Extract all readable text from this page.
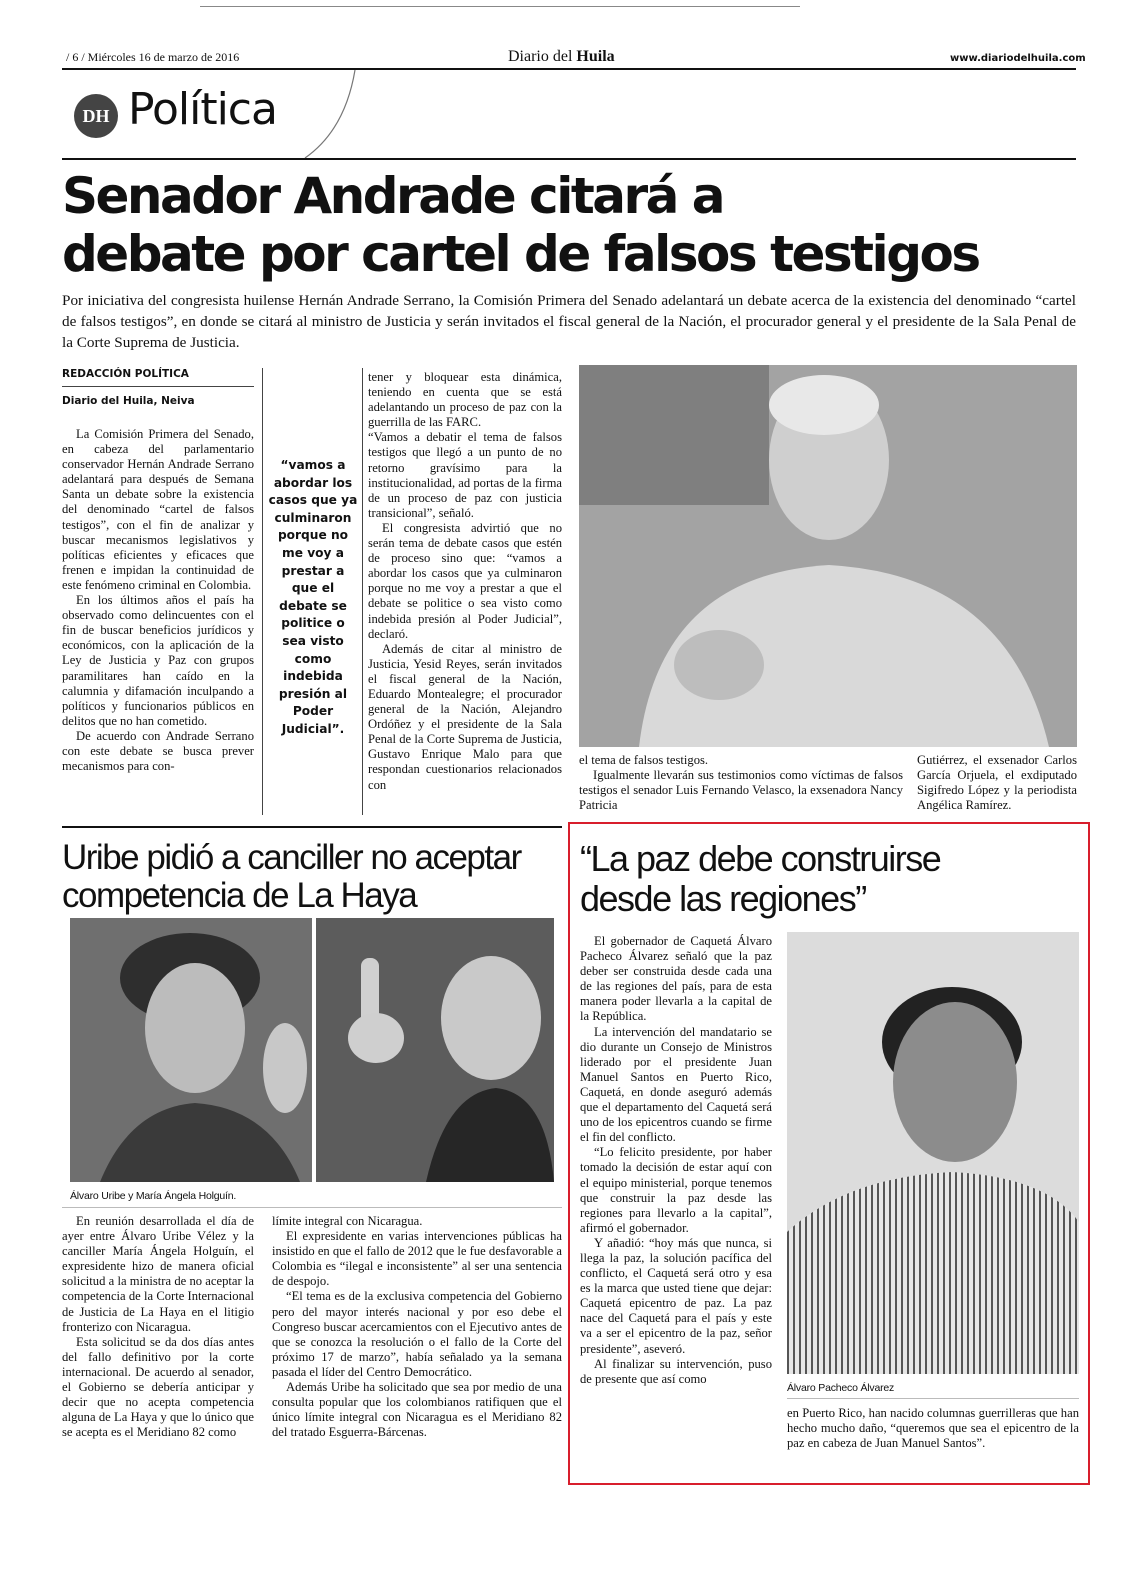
/ 6 / Miércoles 16 de marzo de 2016	Diario del Huila	www.diariodelhuila.com
DH Política
Senador Andrade citará a
debate por cartel de falsos testigos
Por iniciativa del congresista huilense Hernán Andrade Serrano, la Comisión Primera del Senado adelantará un debate acerca de la existencia del denominado “cartel de falsos testigos”, en donde se citará al ministro de Justicia y serán invitados el fiscal general de la Nación, el procurador general y el presidente de la Sala Penal de la Corte Suprema de Justicia.
REDACCIÓN POLÍTICA
Diario del Huila, Neiva

La Comisión Primera del Senado, en cabeza del parlamentario conservador Hernán Andrade Serrano adelantará para después de Semana Santa un debate sobre la existencia del denominado “cartel de falsos testigos”, con el fin de analizar y buscar mecanismos legislativos y políticas eficientes y eficaces que frenen e impidan la continuidad de este fenómeno criminal en Colombia.

En los últimos años el país ha observado como delincuentes con el fin de buscar beneficios jurídicos y económicos, con la aplicación de la Ley de Justicia y Paz con grupos paramilitares han caído en la calumnia y difamación inculpando a políticos y funcionarios públicos en delitos que no han cometido.

De acuerdo con Andrade Serrano con este debate se busca prever mecanismos para con-

“vamos a abordar los casos que ya culminaron porque no me voy a prestar a que el debate se politice o sea visto como indebida presión al Poder Judicial”.

tener y bloquear esta dinámica, teniendo en cuenta que se está adelantando un proceso de paz con la guerrilla de las FARC.

“Vamos a debatir el tema de falsos testigos que llegó a un punto de no retorno gravísimo para la institucionalidad, ad portas de la firma de un proceso de paz con justicia transicional”, señaló.

El congresista advirtió que no serán tema de debate casos que estén de proceso sino que: “vamos a abordar los casos que ya culminaron porque no me voy a prestar a que el debate se politice o sea visto como indebida presión al Poder Judicial”, declaró.

Además de citar al ministro de Justicia, Yesid Reyes, serán invitados el fiscal general de la Nación, Eduardo Montealegre; el procurador general de la Nación, Alejandro Ordóñez y el presidente de la Sala Penal de la Corte Suprema de Justicia, Gustavo Enrique Malo para que respondan cuestionarios relacionados con

el tema de falsos testigos.

Igualmente llevarán sus testimonios como víctimas de falsos testigos el senador Luis Fernando Velasco, la exsenadora Nancy Patricia

Gutiérrez, el exsenador Carlos García Orjuela, el exdiputado Sigifredo López y la periodista Angélica Ramírez.

Uribe pidió a canciller no aceptar
competencia de La Haya
Álvaro Uribe y María Ángela Holguín.

En reunión desarrollada el día de ayer entre Álvaro Uribe Vélez y la canciller María Ángela Holguín, el expresidente hizo de manera oficial solicitud a la ministra de no aceptar la competencia de la Corte Internacional de Justicia de La Haya en el litigio fronterizo con Nicaragua.

Esta solicitud se da dos días antes del fallo definitivo por la corte internacional. De acuerdo al senador, el Gobierno se debería anticipar y decir que no acepta competencia alguna de La Haya y que lo único que se acepta es el Meridiano 82 como

límite integral con Nicaragua.

El expresidente en varias intervenciones públicas ha insistido en que el fallo de 2012 que le fue desfavorable a Colombia es “ilegal e inconsistente” al ser una sentencia de despojo.

“El tema es de la exclusiva competencia del Gobierno pero del mayor interés nacional y por eso debe el Congreso buscar acercamientos con el Ejecutivo antes de que se conozca la resolución o el fallo de la Corte del próximo 17 de marzo”, había señalado ya la semana pasada el líder del Centro Democrático.

Además Uribe ha solicitado que sea por medio de una consulta popular que los colombianos ratifiquen que el único límite integral con Nicaragua es el Meridiano 82 del tratado Esguerra-Bárcenas.

“La paz debe construirse
desde las regiones”

El gobernador de Caquetá Álvaro Pacheco Álvarez señaló que la paz deber ser construida desde cada una de las regiones del país, para de esta manera poder llevarla a la capital de la República.

La intervención del mandatario se dio durante un Consejo de Ministros liderado por el presidente Juan Manuel Santos en Puerto Rico, Caquetá, en donde aseguró además que el departamento del Caquetá será uno de los epicentros cuando se firme el fin del conflicto.

“Lo felicito presidente, por haber tomado la decisión de estar aquí con el equipo ministerial, porque tenemos que construir la paz desde las regiones para llevarlo a la capital”, afirmó el gobernador.

Y añadió: “hoy más que nunca, si llega la paz, la solución pacífica del conflicto, el Caquetá será otro y esa es la marca que usted tiene que dejar: Caquetá epicentro de paz. La paz nace del Caquetá para el país y este va a ser el epicentro de la paz, señor presidente”, aseveró.

Al finalizar su intervención, puso de presente que así como

Álvaro Pacheco Álvarez

en Puerto Rico, han nacido columnas guerrilleras que han hecho mucho daño, “queremos que sea el epicentro de la paz en cabeza de Juan Manuel Santos”.
